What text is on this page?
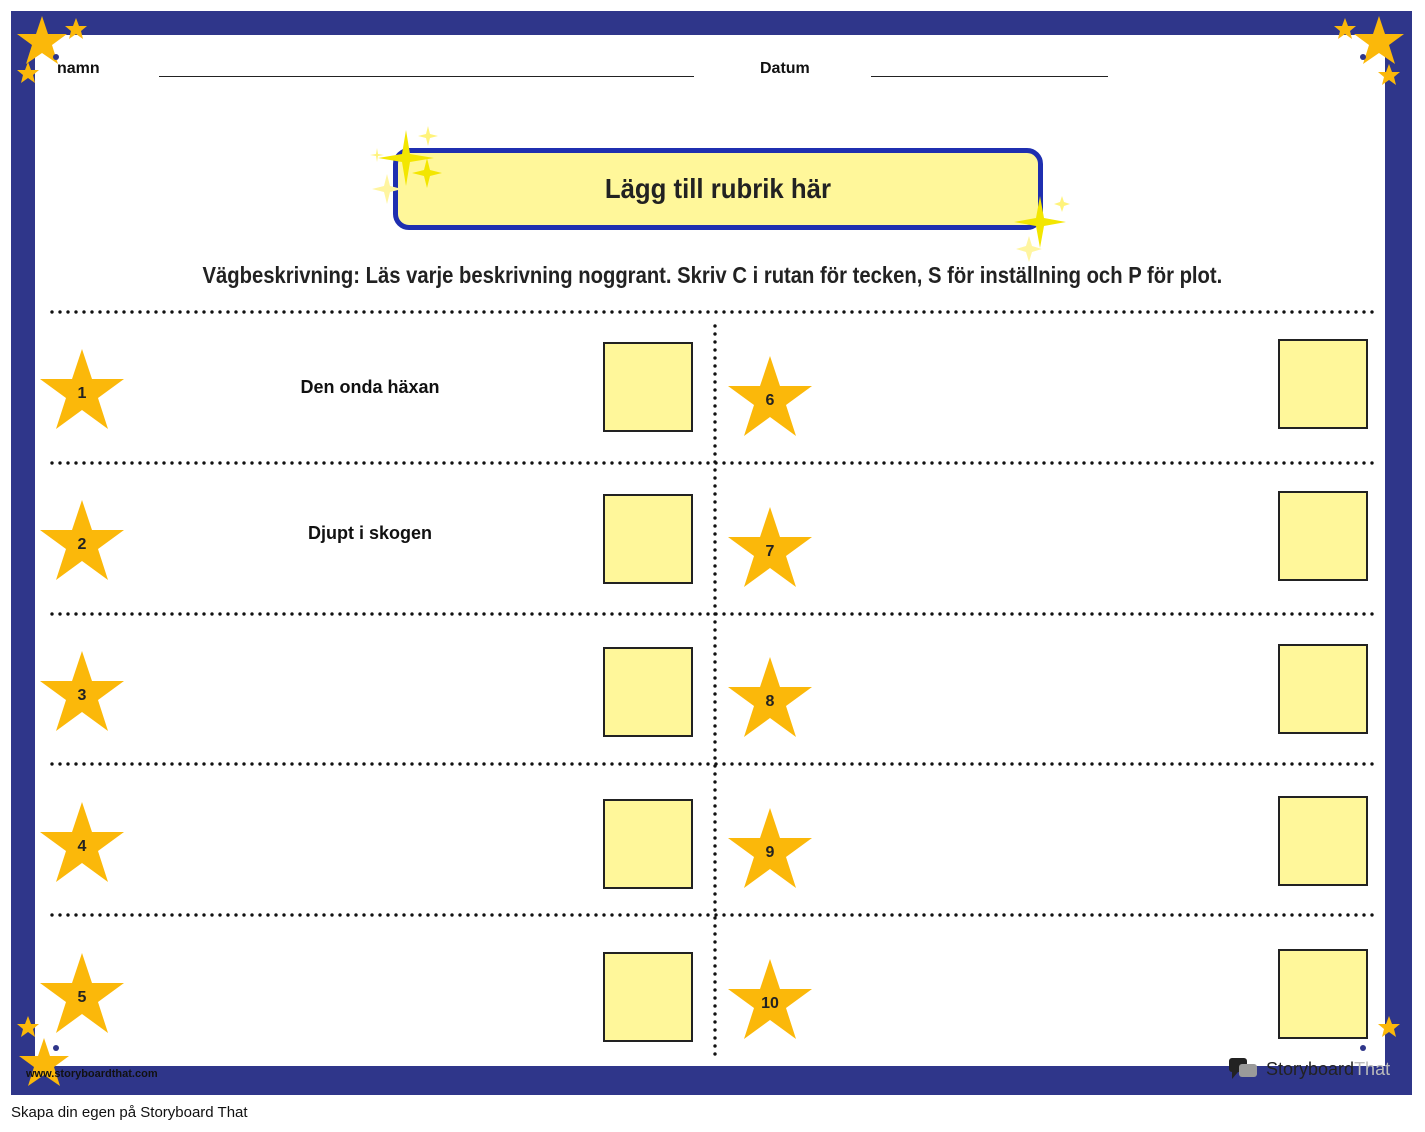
namn	Datum
Lägg till rubrik här
Vägbeskrivning: Läs varje beskrivning noggrant. Skriv C i rutan för tecken, S för inställning och P för plot.
1	Den onda häxan
2
Djupt i skogen
3
4
5
6
7
8
9
10
www.storyboardthat.com	StoryboardThat
Skapa din egen på Storyboard That
